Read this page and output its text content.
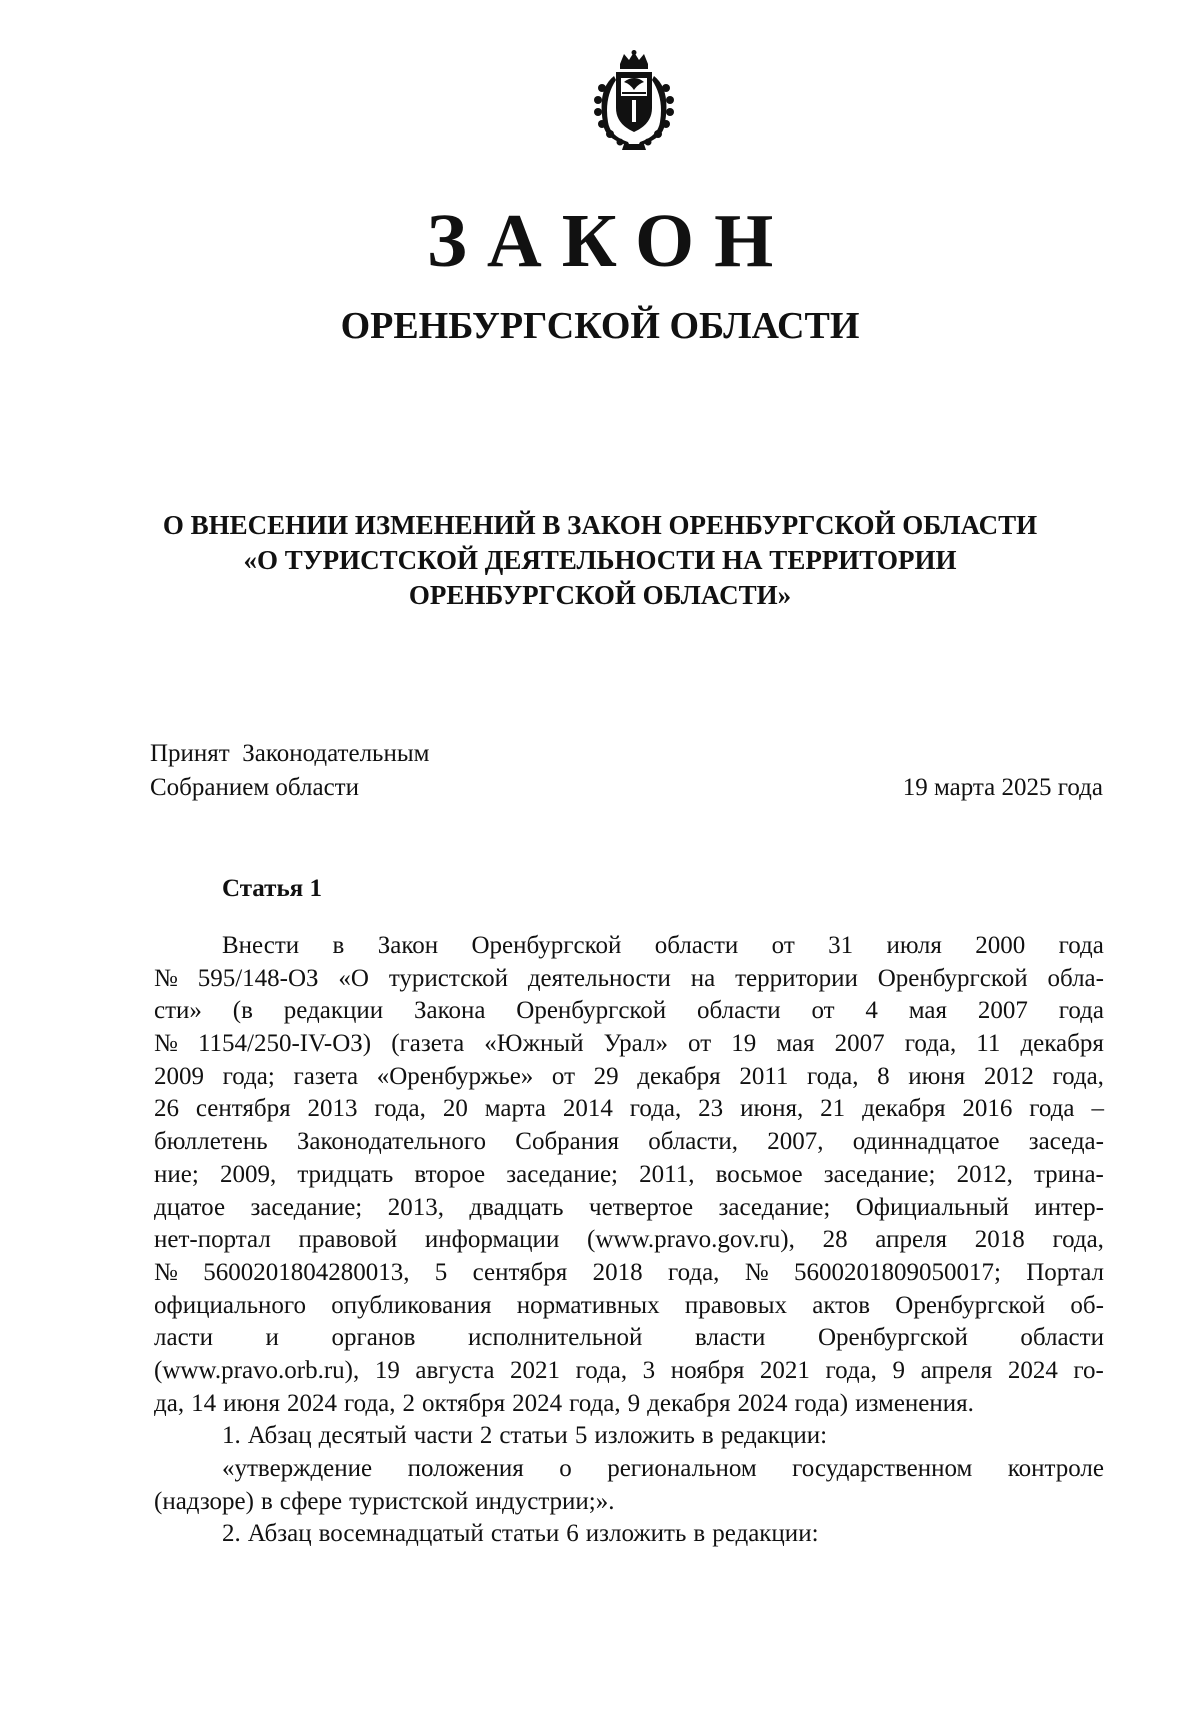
ЗАКОН
ОРЕНБУРГСКОЙ ОБЛАСТИ
О ВНЕСЕНИИ ИЗМЕНЕНИЙ В ЗАКОН ОРЕНБУРГСКОЙ ОБЛАСТИ
«О ТУРИСТСКОЙ ДЕЯТЕЛЬНОСТИ НА ТЕРРИТОРИИ
ОРЕНБУРГСКОЙ ОБЛАСТИ»
Принят  Законодательным
Собранием области	19 марта 2025 года
Статья 1
Внести в Закон Оренбургской области от 31 июля 2000 года
№ 595/148-ОЗ «О туристской деятельности на территории Оренбургской обла-
сти» (в редакции Закона Оренбургской области от 4 мая 2007 года
№ 1154/250-IV-ОЗ) (газета «Южный Урал» от 19 мая 2007 года, 11 декабря
2009 года; газета «Оренбуржье» от 29 декабря 2011 года, 8 июня 2012 года,
26 сентября 2013 года, 20 марта 2014 года, 23 июня, 21 декабря 2016 года –
бюллетень Законодательного Собрания области, 2007, одиннадцатое заседа-
ние; 2009, тридцать второе заседание; 2011, восьмое заседание; 2012, трина-
дцатое заседание; 2013, двадцать четвертое заседание; Официальный интер-
нет-портал правовой информации (www.pravo.gov.ru), 28 апреля 2018 года,
№ 5600201804280013, 5 сентября 2018 года, № 5600201809050017; Портал
официального опубликования нормативных правовых актов Оренбургской об-
ласти и органов исполнительной власти Оренбургской области
(www.pravo.orb.ru), 19 августа 2021 года, 3 ноября 2021 года, 9 апреля 2024 го-
да, 14 июня 2024 года, 2 октября 2024 года, 9 декабря 2024 года) изменения.
1. Абзац десятый части 2 статьи 5 изложить в редакции:
«утверждение положения о региональном государственном контроле
(надзоре) в сфере туристской индустрии;».
2. Абзац восемнадцатый статьи 6 изложить в редакции:
